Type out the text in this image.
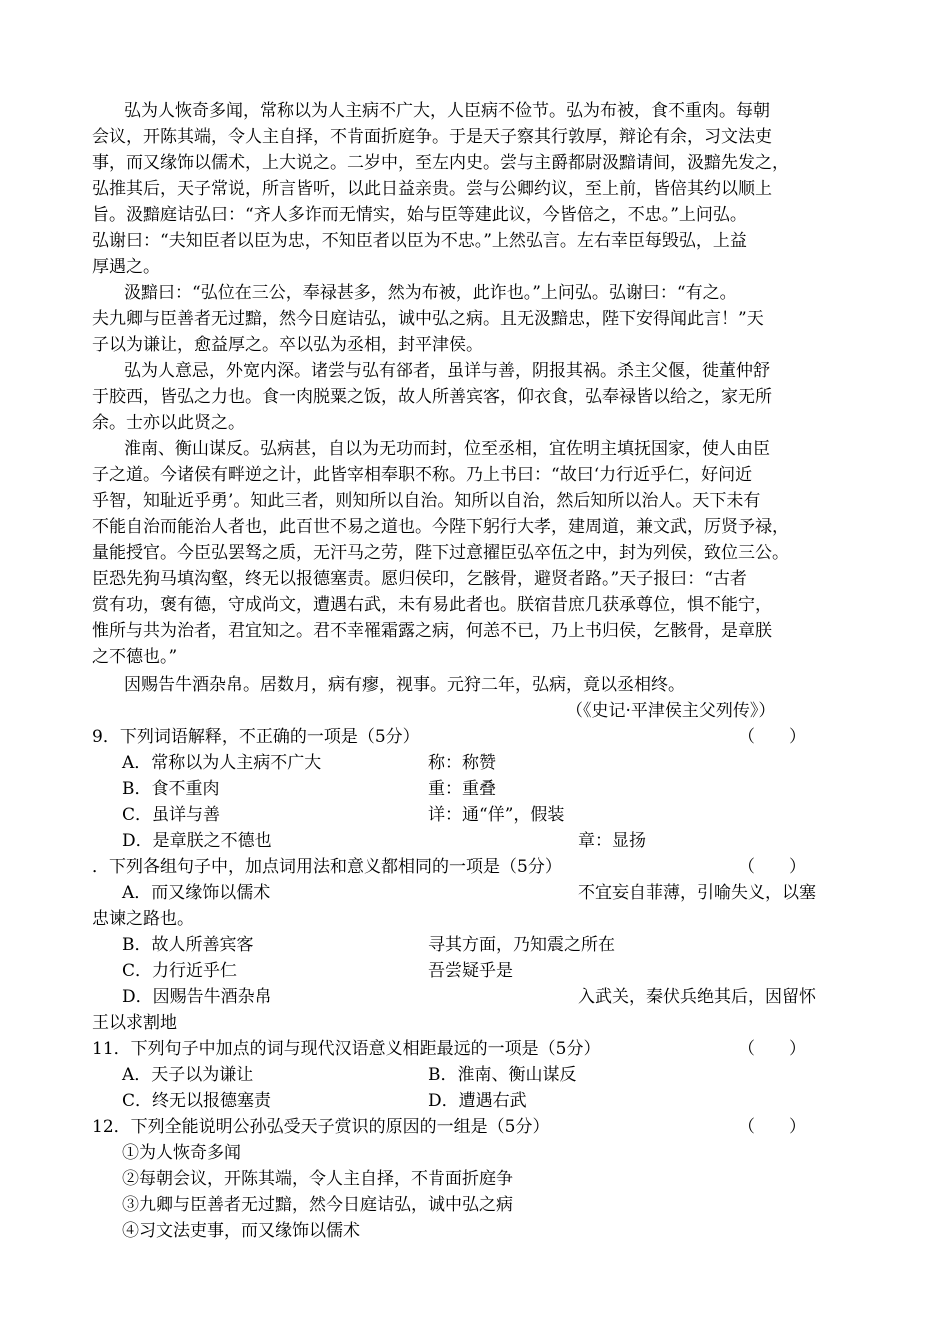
弘为人恢奇多闻，常称以为人主病不广大，人臣病不俭节。弘为布被，食不重肉。每朝
会议，开陈其端，令人主自择，不肯面折庭争。于是天子察其行敦厚，辩论有余，习文法吏
事，而又缘饰以儒术，上大说之。二岁中，至左内史。尝与主爵都尉汲黯请间，汲黯先发之，
弘推其后，天子常说，所言皆听，以此日益亲贵。尝与公卿约议，至上前，皆倍其约以顺上
旨。汲黯庭诘弘曰：“齐人多诈而无情实，始与臣等建此议，今皆倍之，不忠。”上问弘。
弘谢曰：“夫知臣者以臣为忠，不知臣者以臣为不忠。”上然弘言。左右幸臣每毁弘，上益
厚遇之。
汲黯曰：“弘位在三公，奉禄甚多，然为布被，此诈也。”上问弘。弘谢曰：“有之。
夫九卿与臣善者无过黯，然今日庭诘弘，诚中弘之病。且无汲黯忠，陛下安得闻此言！”天
子以为谦让，愈益厚之。卒以弘为丞相，封平津侯。
弘为人意忌，外宽内深。诸尝与弘有郤者，虽详与善，阴报其祸。杀主父偃，徙董仲舒
于胶西，皆弘之力也。食一肉脱粟之饭，故人所善宾客，仰衣食，弘奉禄皆以给之，家无所
余。士亦以此贤之。
淮南、衡山谋反。弘病甚，自以为无功而封，位至丞相，宜佐明主填抚国家，使人由臣
子之道。今诸侯有畔逆之计，此皆宰相奉职不称。乃上书曰：“故曰‘力行近乎仁，好问近
乎智，知耻近乎勇’。知此三者，则知所以自治。知所以自治，然后知所以治人。天下未有
不能自治而能治人者也，此百世不易之道也。今陛下躬行大孝，建周道，兼文武，厉贤予禄，
量能授官。今臣弘罢驽之质，无汗马之劳，陛下过意擢臣弘卒伍之中，封为列侯，致位三公。
臣恐先狗马填沟壑，终无以报德塞责。愿归侯印，乞骸骨，避贤者路。”天子报曰：“古者
赏有功，褒有德，守成尚文，遭遇右武，未有易此者也。朕宿昔庶几获承尊位，惧不能宁，
惟所与共为治者，君宜知之。君不幸罹霜露之病，何恙不已，乃上书归侯，乞骸骨，是章朕
之不德也。”
因赐告牛酒杂帛。居数月，病有瘳，视事。元狩二年，弘病，竟以丞相终。
（《史记·平津侯主父列传》）
9．下列词语解释，不正确的一项是（5分）	（　　）
A．常称以为人主病不广大	称：称赞
B．食不重肉	重：重叠
C．虽详与善	详：通“佯”，假装
D．是章朕之不德也	章：显扬
．下列各组句子中，加点词用法和意义都相同的一项是（5分）	（　　）
A．而又缘饰以儒术	不宜妄自菲薄，引喻失义，以塞
忠谏之路也。
B．故人所善宾客	寻其方面，乃知震之所在
C．力行近乎仁	吾尝疑乎是
D．因赐告牛酒杂帛	入武关，秦伏兵绝其后，因留怀
王以求割地
11．下列句子中加点的词与现代汉语意义相距最远的一项是（5分）	（　　）
A．天子以为谦让	B．淮南、衡山谋反
C．终无以报德塞责	D．遭遇右武
12．下列全能说明公孙弘受天子赏识的原因的一组是（5分）	（　　）
①为人恢奇多闻
②每朝会议，开陈其端，令人主自择，不肯面折庭争
③九卿与臣善者无过黯，然今日庭诘弘，诚中弘之病
④习文法吏事，而又缘饰以儒术
